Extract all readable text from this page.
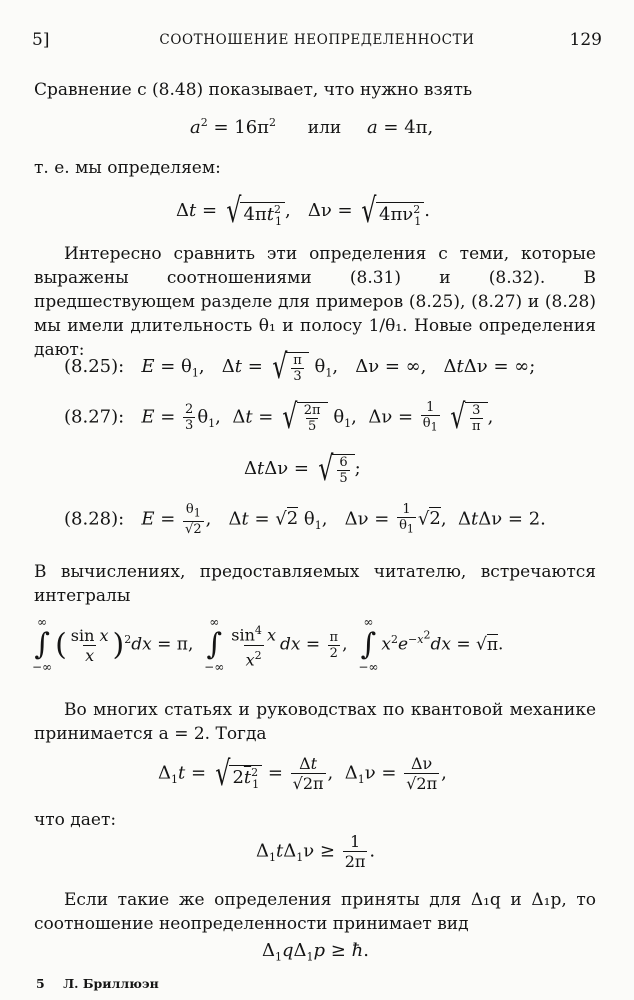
5]	СООТНОШЕНИЕ НЕОПРЕДЕЛЕННОСТИ	129
Сравнение с (8.48) показывает, что нужно взять
$a^2 = 16\pi^2$ или a = 4π,
т. е. мы определяем:
Δt = √ $4\pi t^2_1$
,   Δν = √ $4\pi\nu^2_1$
.
Интересно сравнить эти определения с теми, которые выражены соотношениями (8.31) и (8.32). В предшествующем разделе для примеров (8.25), (8.27) и (8.28) мы имели длительность θ₁ и полосу 1/θ₁. Новые определения дают:
(8.25): $E = \theta_1$,   Δt = √ $\frac{\pi}{3} \theta_1$,   Δν = ∞,   ΔtΔν = ∞;
(8.27): $E = \frac{2}{3} \theta_1$,  Δt = √ $\frac{2\pi}{5} \theta_1$,  $\Delta\nu = \frac{1}{\theta_1}$
√ $\frac{3}{\pi}$ ,
ΔtΔν = √ $\frac{6}{5}$ ;
(8.28): $E = \frac{\theta_1}{√2}$ ,   Δt = √2 $\theta_1$,   $\Delta\nu = \frac{1}{\theta_1} √2$,  ΔtΔν = 2.
В вычислениях, предоставляемых читателю, встречаются интегралы
∞
∫
−∞
( $\frac{\text{sin x}}{x} )^2dx = \pi$,
∞
∫
−∞ $\frac{\sin^4 x}{x^2}$ dx = $\frac{\pi}{2}$ ,
∞
∫
−∞
$x^2e^{-x^2}dx = √\pi$.
Во многих статьях и руководствах по квантовой механике принимается a = 2. Тогда
$\Delta_1t$ = √ $2\overline{t}^2_1$
= $\frac{\Delta t}{√2\pi}$ ,  $\Delta_1\nu = \frac{\Delta\nu}{√2\pi}$ ,
что дает:
$\Delta_1t\Delta_1\nu \ge \frac{1}{2\pi}$ .
Если такие же определения приняты для Δ₁q и Δ₁p, то соотношение неопределенности принимает вид
$\Delta_1q\Delta_1p$ ≥ ħ.
5 Л. Бриллюэн
